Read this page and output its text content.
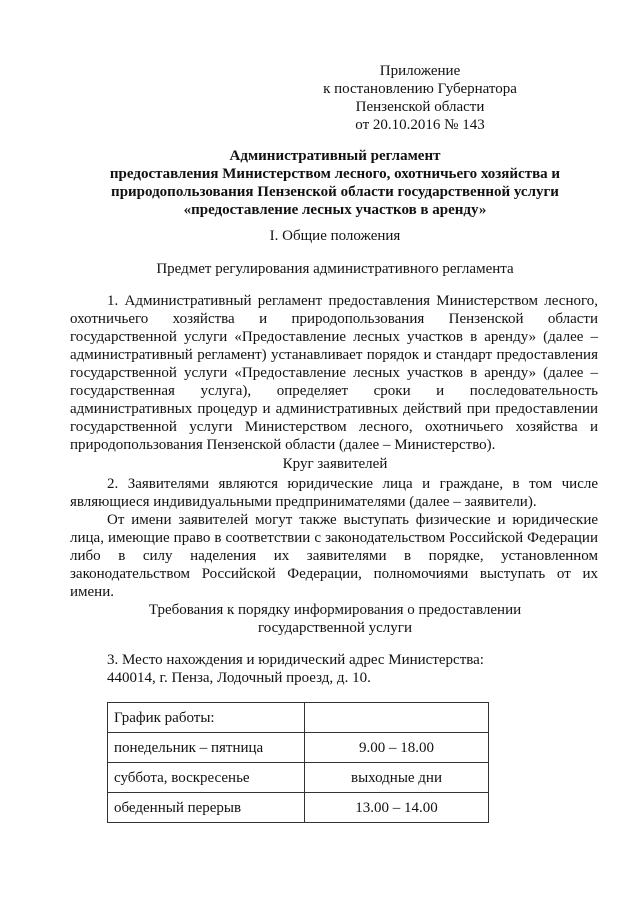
Приложение
к постановлению Губернатора
Пензенской области
от 20.10.2016 № 143
Административный регламент
предоставления Министерством лесного, охотничьего хозяйства и
природопользования Пензенской области государственной услуги
«предоставление лесных участков в аренду»
I. Общие положения
Предмет регулирования административного регламента
1. Административный регламент предоставления Министерством лесного, охотничьего хозяйства и природопользования Пензенской области государственной услуги «Предоставление лесных участков в аренду» (далее – административный регламент) устанавливает порядок и стандарт предоставления государственной услуги «Предоставление лесных участков в аренду» (далее – государственная услуга), определяет сроки и последовательность административных процедур и административных действий при предоставлении государственной услуги Министерством лесного, охотничьего хозяйства и природопользования Пензенской области (далее – Министерство).
Круг заявителей
2. Заявителями являются юридические лица и граждане, в том числе являющиеся индивидуальными предпринимателями (далее – заявители).
От имени заявителей могут также выступать физические и юридические лица, имеющие право в соответствии с законодательством Российской Федерации либо в силу наделения их заявителями в порядке, установленном законодательством Российской Федерации, полномочиями выступать от их имени.
Требования к порядку информирования о предоставлении
государственной услуги
3. Место нахождения и юридический адрес Министерства:
440014, г. Пенза, Лодочный проезд, д. 10.
График работы:	
понедельник – пятница	9.00 – 18.00
суббота, воскресенье	выходные дни
обеденный перерыв	13.00 – 14.00
